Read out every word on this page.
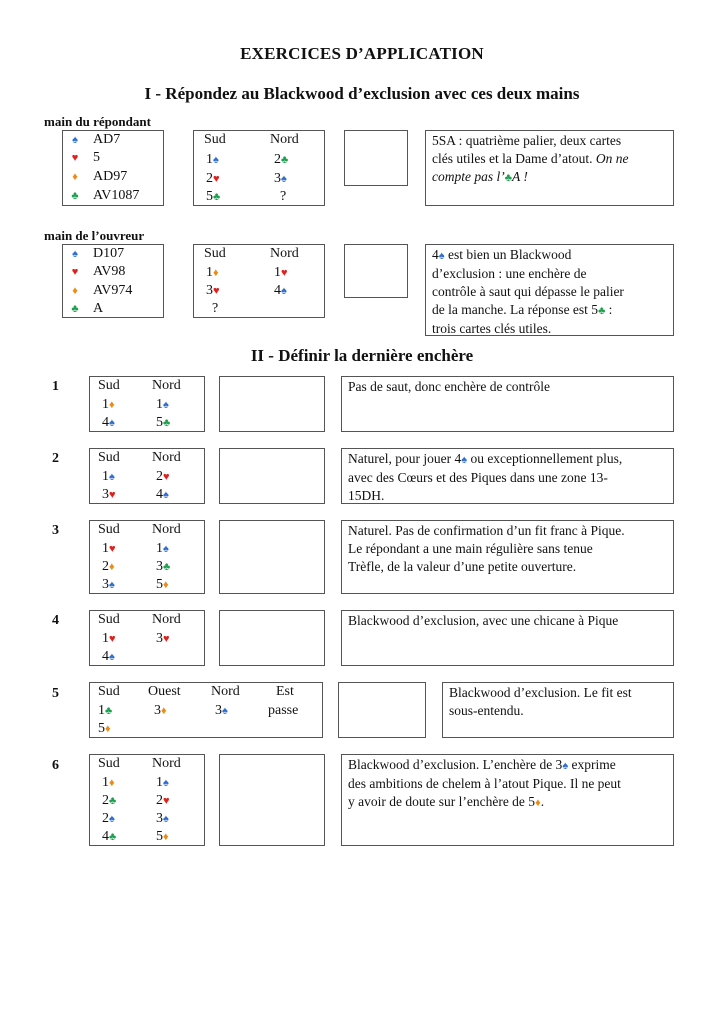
EXERCICES D’APPLICATION
I - Répondez au Blackwood d’exclusion avec ces deux mains
main du répondant
♠ AD7
♥ 5
♦ AD97
♣ AV1087
Sud	Nord
1♠	2♣
2♥	3♠
5♣	?
5SA : quatrième palier, deux cartes
clés utiles et la Dame d’atout. On ne
compte pas l’♣A !
main de l’ouvreur
♠ D107
♥ AV98
♦ AV974
♣ A
Sud	Nord
1♦	1♥
3♥	4♠
?
4♠ est bien un Blackwood
d’exclusion : une enchère de
contrôle à saut qui dépasse le palier
de la manche. La réponse est 5♣ :
trois cartes clés utiles.
II - Définir la dernière enchère
1	Sud Nord
1♦	1♠
4♠	5♣
Pas de saut, donc enchère de contrôle
2	Sud Nord
1♠	2♥
3♥	4♠
Naturel, pour jouer 4♠ ou exceptionnellement plus,
avec des Cœurs et des Piques dans une zone 13-
15DH.
3	Sud Nord
1♥	1♠
2♦	3♣
3♠	5♦
Naturel. Pas de confirmation d’un fit franc à Pique.
Le répondant a une main régulière sans tenue
Trèfle, de la valeur d’une petite ouverture.
4	Sud Nord
1♥	3♥
4♠
Blackwood d’exclusion, avec une chicane à Pique
5	Sud Ouest Nord	Est
1♣	3♦	3♠	passe
5♦
Blackwood d’exclusion. Le fit est
sous-entendu.
6	Sud Nord
1♦	1♠
2♣	2♥
2♠	3♠
4♣	5♦
Blackwood d’exclusion. L’enchère de 3♠ exprime
des ambitions de chelem à l’atout Pique. Il ne peut
y avoir de doute sur l’enchère de 5♦.
